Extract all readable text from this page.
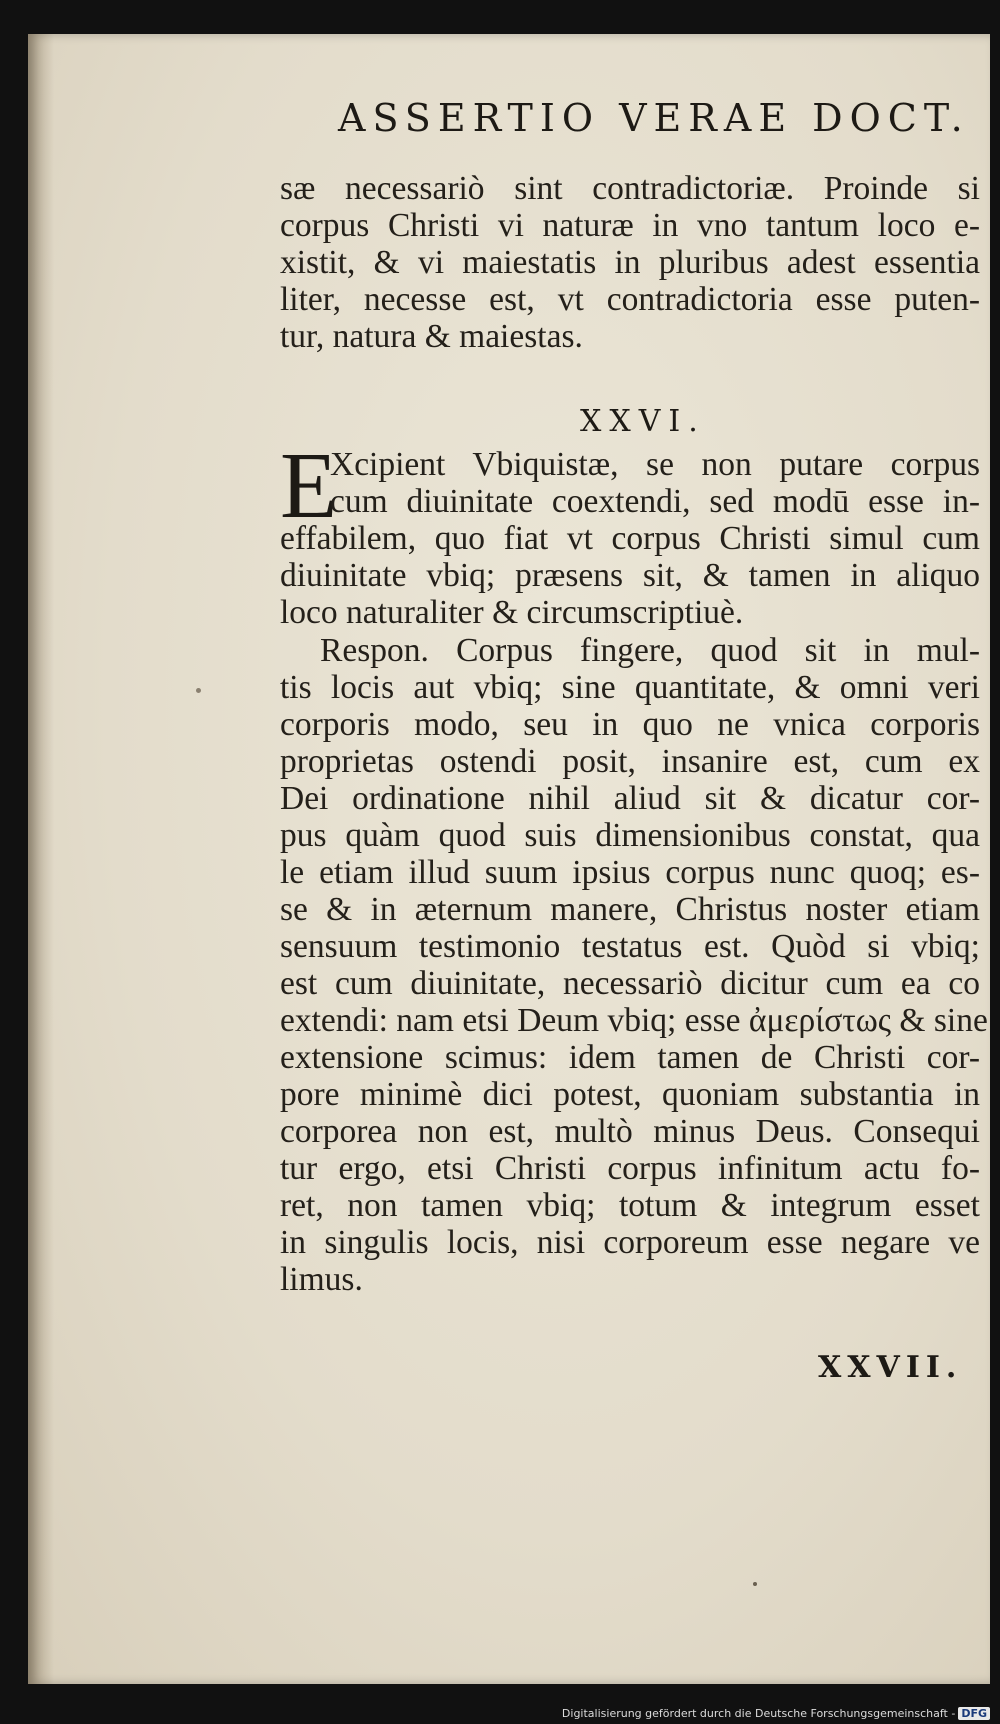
ASSERTIO VERAE DOCT.
sæ necessariò sint contradictoriæ. Proinde si
corpus Christi vi naturæ in vno tantum loco e-
xistit, & vi maiestatis in pluribus adest essentia
liter, necesse est, vt contradictoria esse puten-
tur, natura & maiestas.
XXVI.
E
Xcipient Vbiquistæ, se non putare corpus
cum diuinitate coextendi, sed modū esse in-
effabilem, quo fiat vt corpus Christi simul cum
diuinitate vbiq; præsens sit, & tamen in aliquo
loco naturaliter & circumscriptiuè.
Respon. Corpus fingere, quod sit in mul-
tis locis aut vbiq; sine quantitate, & omni veri
corporis modo, seu in quo ne vnica corporis
proprietas ostendi posit, insanire est, cum ex
Dei ordinatione nihil aliud sit & dicatur cor-
pus quàm quod suis dimensionibus constat, qua
le etiam illud suum ipsius corpus nunc quoq; es-
se & in æternum manere, Christus noster etiam
sensuum testimonio testatus est. Quòd si vbiq;
est cum diuinitate, necessariò dicitur cum ea co
extendi: nam etsi Deum vbiq; esse ἀμερίστως & sine
extensione scimus: idem tamen de Christi cor-
pore minimè dici potest, quoniam substantia in
corporea non est, multò minus Deus. Consequi
tur ergo, etsi Christi corpus infinitum actu fo-
ret, non tamen vbiq; totum & integrum esset
in singulis locis, nisi corporeum esse negare ve
limus.
XXVII.
Digitalisierung gefördert durch die Deutsche Forschungsgemeinschaft - DFG
